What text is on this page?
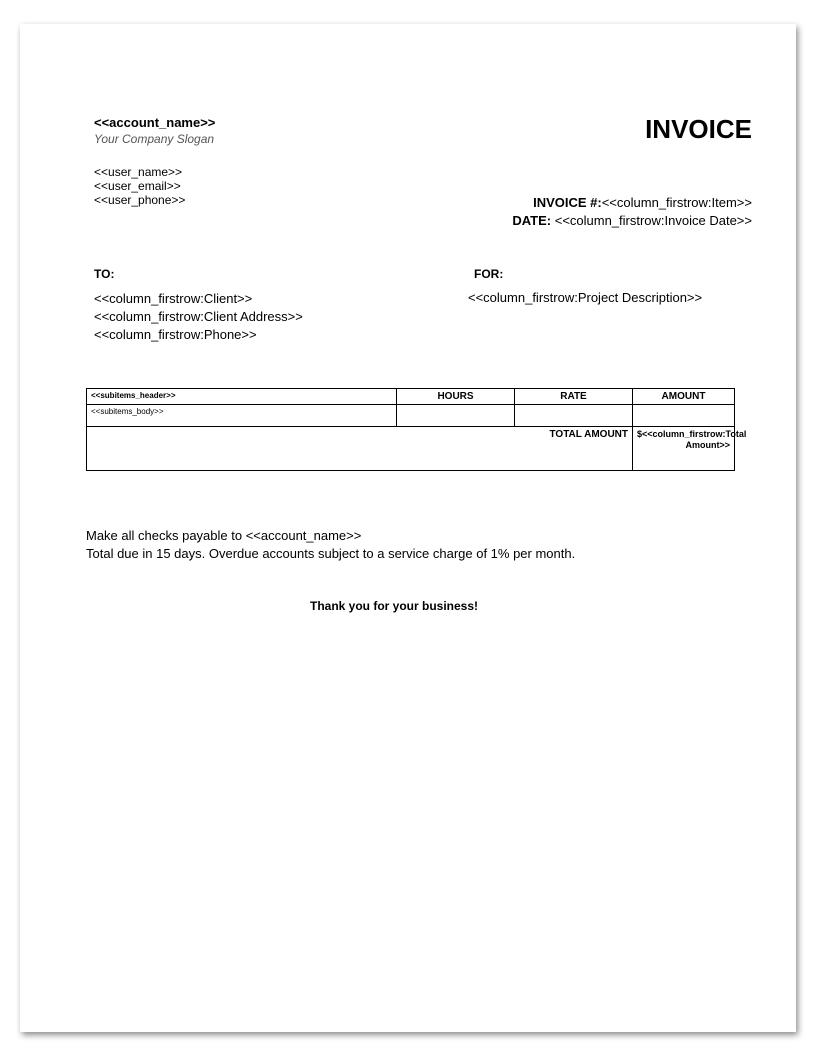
<<account_name>>
Your Company Slogan
<<user_name>>
<<user_email>>
<<user_phone>>
INVOICE
INVOICE #:<<column_firstrow:Item>>
DATE: <<column_firstrow:Invoice Date>>
TO:
<<column_firstrow:Client>>
<<column_firstrow:Client Address>>
<<column_firstrow:Phone>>
FOR:
<<column_firstrow:Project Description>>
<<subitems_header>>	HOURS	RATE	AMOUNT
<<subitems_body>>			
TOTAL AMOUNT			$<<column_firstrow:Total Amount>>
Make all checks payable to <<account_name>>
Total due in 15 days. Overdue accounts subject to a service charge of 1% per month.
Thank you for your business!
